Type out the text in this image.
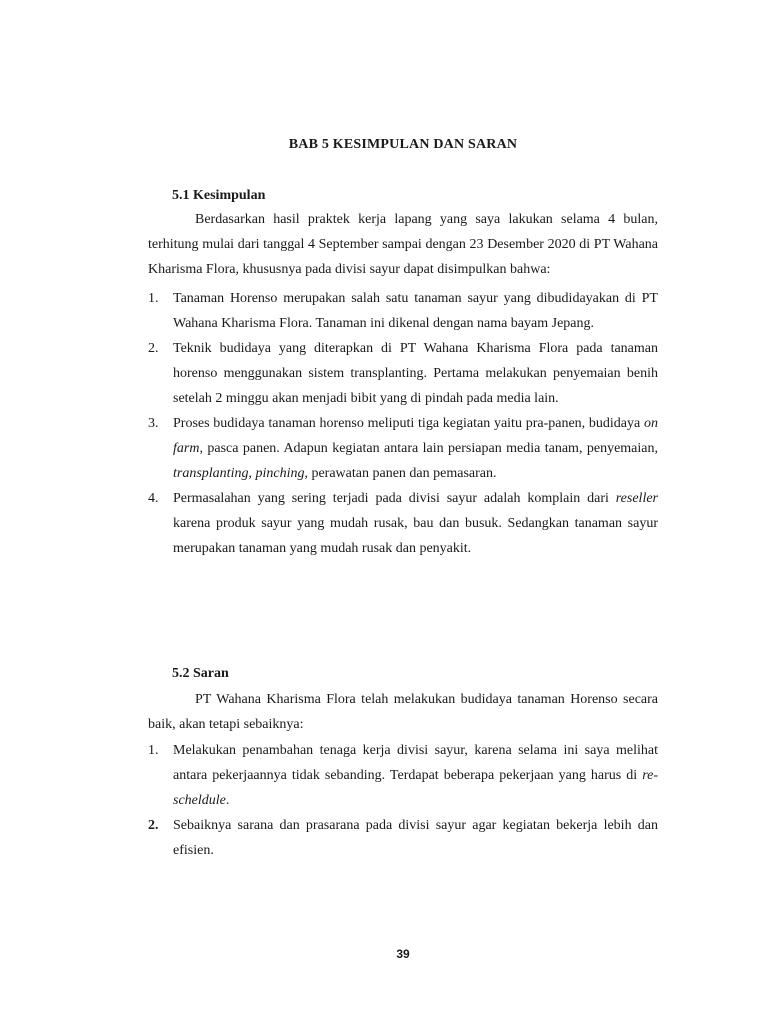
BAB 5 KESIMPULAN DAN SARAN
5.1 Kesimpulan

Berdasarkan hasil praktek kerja lapang yang saya lakukan selama 4 bulan, terhitung mulai dari tanggal 4 September sampai dengan 23 Desember 2020 di PT Wahana Kharisma Flora, khususnya pada divisi sayur dapat disimpulkan bahwa:

1. Tanaman Horenso merupakan salah satu tanaman sayur yang dibudidayakan di PT Wahana Kharisma Flora. Tanaman ini dikenal dengan nama bayam Jepang.
2. Teknik budidaya yang diterapkan di PT Wahana Kharisma Flora pada tanaman horenso menggunakan sistem transplanting. Pertama melakukan penyemaian benih setelah 2 minggu akan menjadi bibit yang di pindah pada media lain.
3. Proses budidaya tanaman horenso meliputi tiga kegiatan yaitu pra-panen, budidaya on farm, pasca panen. Adapun kegiatan antara lain persiapan media tanam, penyemaian, transplanting, pinching, perawatan panen dan pemasaran.
4. Permasalahan yang sering terjadi pada divisi sayur adalah komplain dari reseller karena produk sayur yang mudah rusak, bau dan busuk. Sedangkan tanaman sayur merupakan tanaman yang mudah rusak dan penyakit.
5.2 Saran

PT Wahana Kharisma Flora telah melakukan budidaya tanaman Horenso secara baik, akan tetapi sebaiknya:

1. Melakukan penambahan tenaga kerja divisi sayur, karena selama ini saya melihat antara pekerjaannya tidak sebanding. Terdapat beberapa pekerjaan yang harus di re-scheldule.
2. Sebaiknya sarana dan prasarana pada divisi sayur agar kegiatan bekerja lebih dan efisien.
39
